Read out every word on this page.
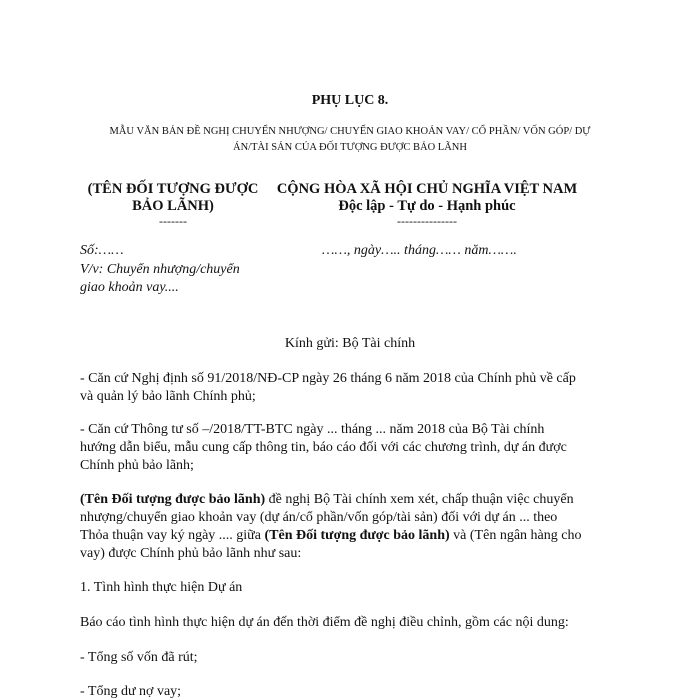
PHỤ LỤC 8.
MẪU VĂN BẢN ĐỀ NGHỊ CHUYỂN NHƯỢNG/ CHUYỂN GIAO KHOẢN VAY/ CỔ PHẦN/ VỐN GÓP/ DỰ
ÁN/TÀI SẢN CỦA ĐỐI TƯỢNG ĐƯỢC BẢO LÃNH
(TÊN ĐỐI TƯỢNG ĐƯỢC
BẢO LÃNH)
-------
CỘNG HÒA XÃ HỘI CHỦ NGHĨA VIỆT NAM
Độc lập - Tự do - Hạnh phúc
---------------
Số:……	……, ngày….. tháng…… năm…….
V/v: Chuyển nhượng/chuyển
giao khoản vay....
Kính gửi: Bộ Tài chính
- Căn cứ Nghị định số 91/2018/NĐ-CP ngày 26 tháng 6 năm 2018 của Chính phủ về cấp
và quản lý bảo lãnh Chính phủ;
- Căn cứ Thông tư số –/2018/TT-BTC ngày ... tháng ... năm 2018 của Bộ Tài chính
hướng dẫn biểu, mẫu cung cấp thông tin, báo cáo đối với các chương trình, dự án được
Chính phủ bảo lãnh;
(Tên Đối tượng được bảo lãnh) đề nghị Bộ Tài chính xem xét, chấp thuận việc chuyển
nhượng/chuyển giao khoản vay (dự án/cổ phần/vốn góp/tài sản) đối với dự án ... theo
Thỏa thuận vay ký ngày .... giữa (Tên Đối tượng được bảo lãnh) và (Tên ngân hàng cho
vay) được Chính phủ bảo lãnh như sau:
1. Tình hình thực hiện Dự án
Báo cáo tình hình thực hiện dự án đến thời điểm đề nghị điều chỉnh, gồm các nội dung:
- Tổng số vốn đã rút;
- Tổng dư nợ vay;
